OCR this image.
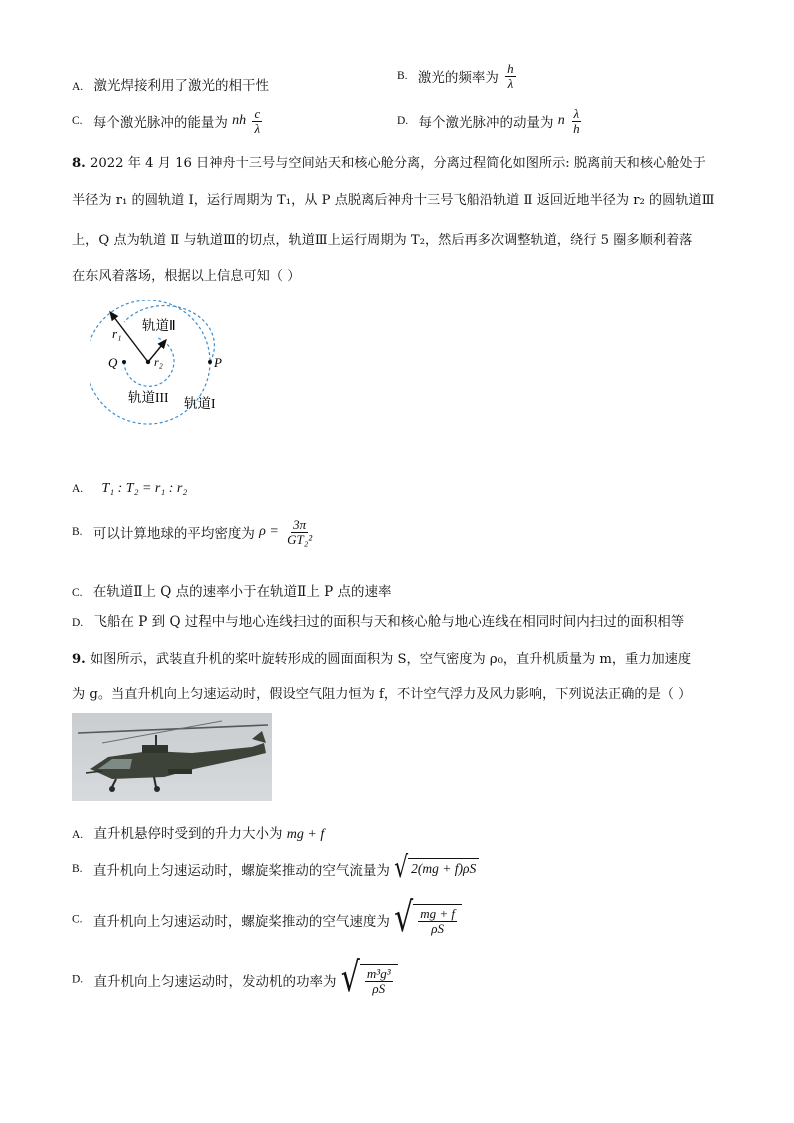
A. 激光焊接利用了激光的相干性
B. 激光的频率为 $\frac{h}{\lambda}$
C. 每个激光脉冲的能量为 nh $\frac{c}{\lambda}$	D. 每个激光脉冲的动量为 n $\frac{\lambda}{h}$
8. 2022 年 4 月 16 日神舟十三号与空间站天和核心舱分离，分离过程简化如图所示: 脱离前天和核心舱处于
半径为 r₁ 的圆轨道 Ⅰ，运行周期为 T₁，从 P 点脱离后神舟十三号飞船沿轨道 Ⅱ 返回近地半径为 r₂ 的圆轨道Ⅲ
上，Q 点为轨道 Ⅱ 与轨道Ⅲ的切点，轨道Ⅲ上运行周期为 T₂，然后再多次调整轨道，绕行 5 圈多顺利着落
在东风着落场，根据以上信息可知（ ）
r₁
r₂
Q	P
轨道Ⅱ
轨道III 轨道I
A. T₁ : T₂ = r₁ : r₂
B. 可以计算地球的平均密度为 $\rho = \frac{3\pi}{\text{GT₂²}}$
C. 在轨道Ⅱ上 Q 点的速率小于在轨道Ⅱ上 P 点的速率
D. 飞船在 P 到 Q 过程中与地心连线扫过的面积与天和核心舱与地心连线在相同时间内扫过的面积相等
9. 如图所示，武装直升机的桨叶旋转形成的圆面面积为 S，空气密度为 ρ₀，直升机质量为 m，重力加速度
为 g。当直升机向上匀速运动时，假设空气阻力恒为 f，不计空气浮力及风力影响，下列说法正确的是（ ）
A. 直升机悬停时受到的升力大小为 mg + f
B. 直升机向上匀速运动时，螺旋桨推动的空气流量为 √ 2(mg + f)ρS
C. 直升机向上匀速运动时，螺旋桨推动的空气速度为 √ $\frac{mg + f}{\rho S}$
D. 直升机向上匀速运动时，发动机的功率为 √ $\frac{\text{m³g³}}{\rho S}$
